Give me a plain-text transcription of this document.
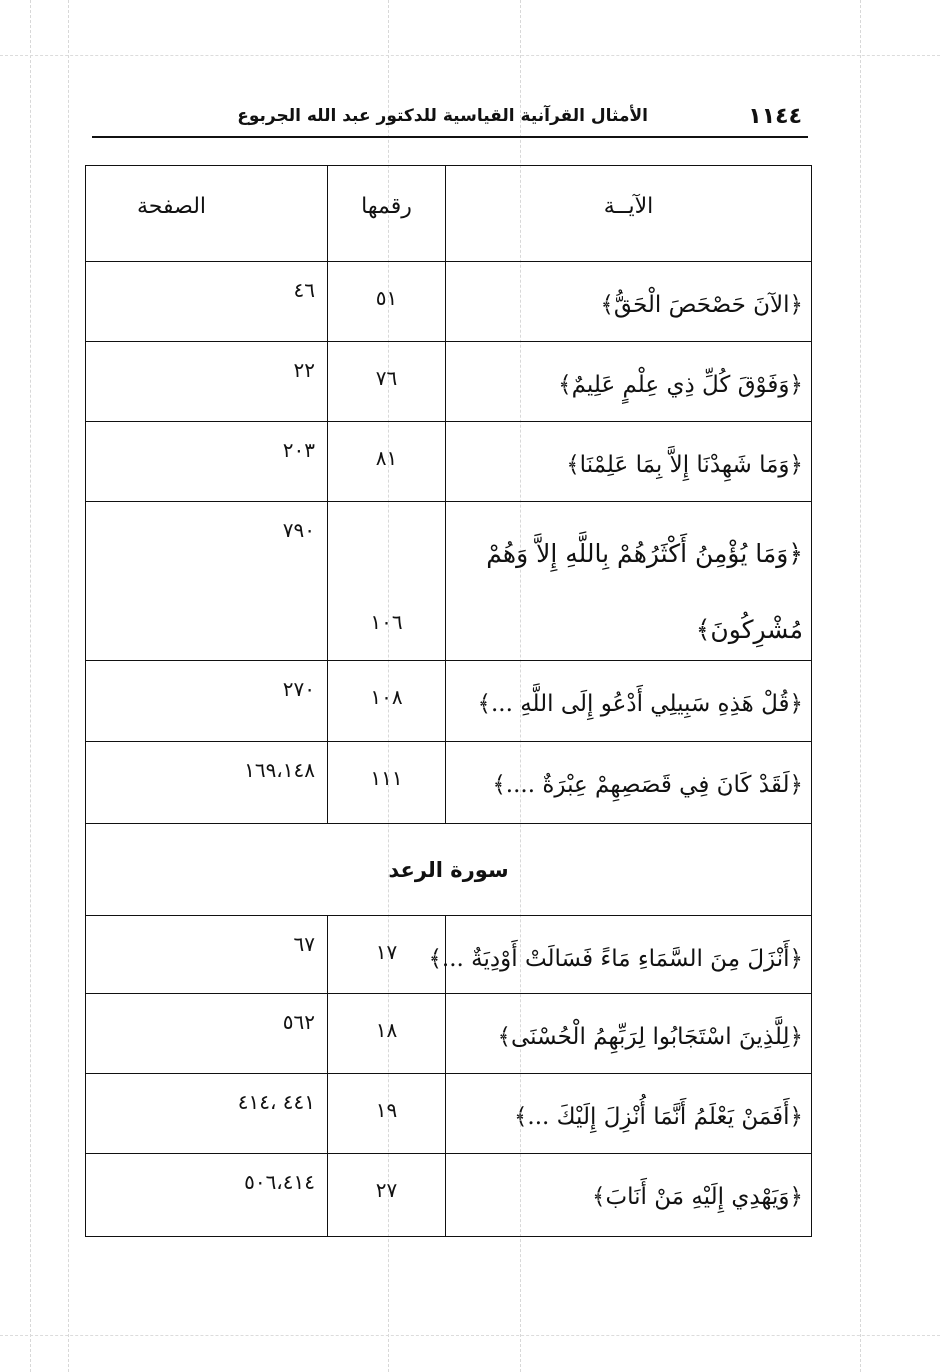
١١٤٤
الأمثال القرآنية القياسية للدكتور عبد الله الجربوع
الآيــة
رقمها
الصفحة
﴿الآنَ حَصْحَصَ الْحَقُّ﴾
٥١
٤٦
﴿وَفَوْقَ كُلِّ ذِي عِلْمٍ عَلِيمٌ﴾
٧٦
٢٢
﴿وَمَا شَهِدْنَا إِلاَّ بِمَا عَلِمْنَا﴾
٨١
٢٠٣
﴿وَمَا يُؤْمِنُ أَكْثَرُهُمْ بِاللَّهِ إِلاَّ وَهُمْ مُشْرِكُونَ﴾
١٠٦
٧٩٠
﴿قُلْ هَذِهِ سَبِيلِي أَدْعُو إِلَى اللَّهِ ...﴾
١٠٨
٢٧٠
﴿لَقَدْ كَانَ فِي قَصَصِهِمْ عِبْرَةٌ ....﴾
١١١
١٦٩،١٤٨
سورة الرعد
﴿أَنْزَلَ مِنَ السَّمَاءِ مَاءً فَسَالَتْ أَوْدِيَةٌ ...﴾
١٧
٦٧
﴿لِلَّذِينَ اسْتَجَابُوا لِرَبِّهِمُ الْحُسْنَى﴾
١٨
٥٦٢
﴿أَفَمَنْ يَعْلَمُ أَنَّمَا أُنْزِلَ إِلَيْكَ ...﴾
١٩
٤٤١ ،٤١٤
﴿وَيَهْدِي إِلَيْهِ مَنْ أَنَابَ﴾
٢٧
٥٠٦،٤١٤
